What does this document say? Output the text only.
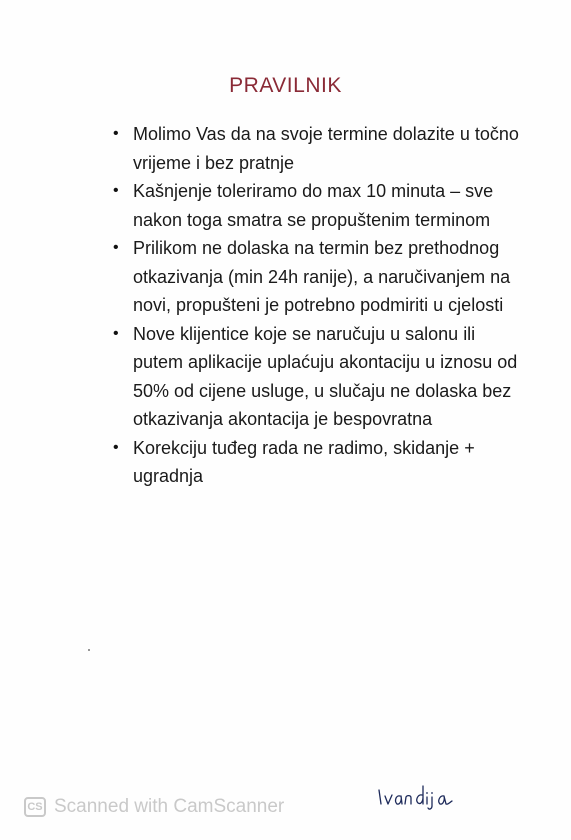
PRAVILNIK
• Molimo Vas da na svoje termine dolazite u točno vrijeme i bez pratnje
• Kašnjenje toleriramo do max 10 minuta – sve nakon toga smatra se propuštenim terminom
• Prilikom ne dolaska na termin bez prethodnog otkazivanja (min 24h ranije), a naručivanjem na novi, propušteni je potrebno podmiriti u cjelosti
• Nove klijentice koje se naručuju u salonu ili putem aplikacije uplaćuju akontaciju u iznosu od 50% od cijene usluge, u slučaju ne dolaska bez otkazivanja akontacija je bespovratna
• Korekciju tuđeg rada ne radimo, skidanje + ugradnja
CS Scanned with CamScanner
